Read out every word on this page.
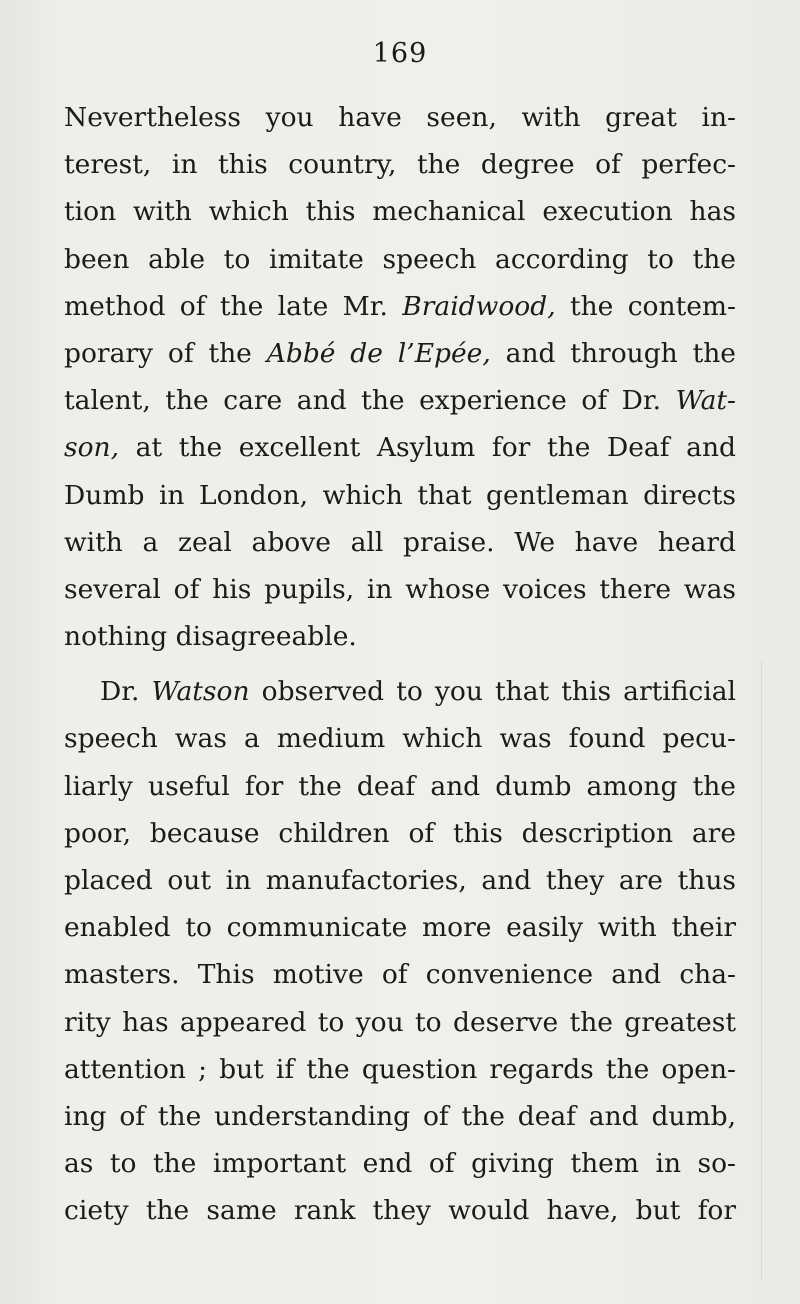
169
Nevertheless you have seen, with great in-
terest, in this country, the degree of perfec-
tion with which this mechanical execution has
been able to imitate speech according to the
method of the late Mr. Braidwood, the contem-
porary of the Abbé de l’Epée, and through the
talent, the care and the experience of Dr. Wat-
son, at the excellent Asylum for the Deaf and
Dumb in London, which that gentleman directs
with a zeal above all praise. We have heard
several of his pupils, in whose voices there was
nothing disagreeable.
Dr. Watson observed to you that this artificial
speech was a medium which was found pecu-
liarly useful for the deaf and dumb among the
poor, because children of this description are
placed out in manufactories, and they are thus
enabled to communicate more easily with their
masters. This motive of convenience and cha-
rity has appeared to you to deserve the greatest
attention ; but if the question regards the open-
ing of the understanding of the deaf and dumb,
as to the important end of giving them in so-
ciety the same rank they would have, but for
